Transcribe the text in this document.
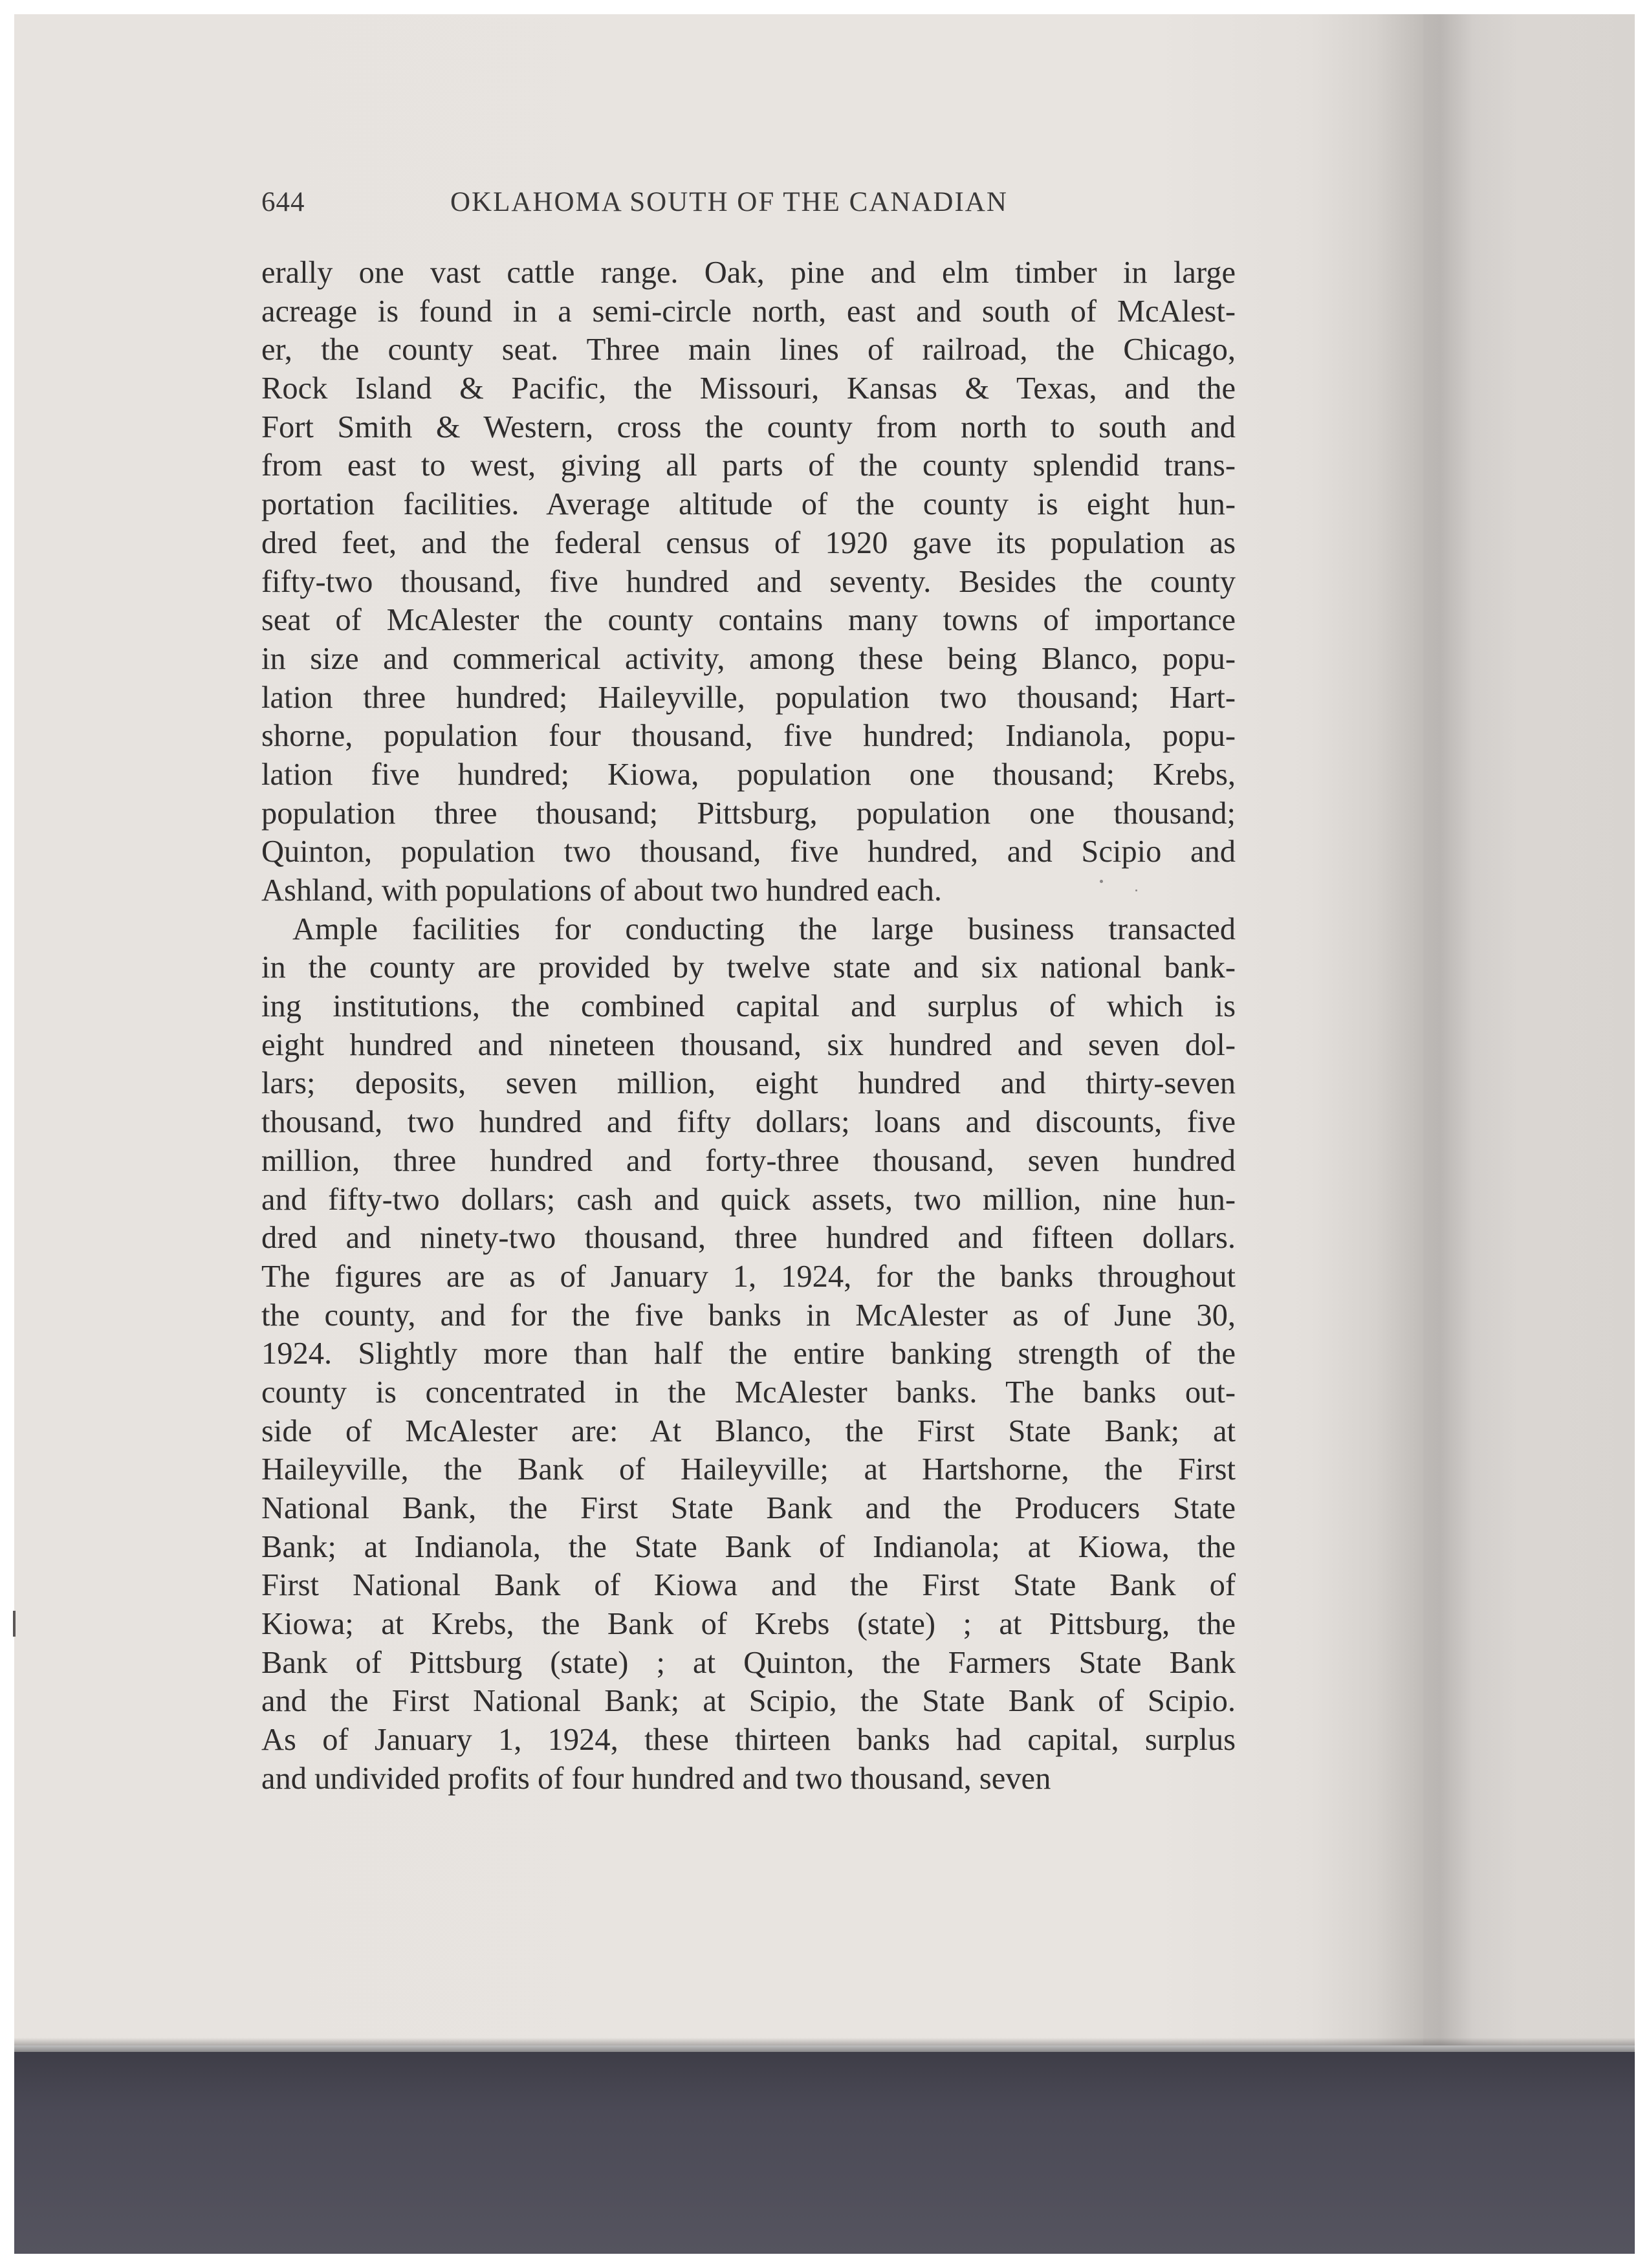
644	OKLAHOMA SOUTH OF THE CANADIAN
erally one vast cattle range. Oak, pine and elm timber in large
acreage is found in a semi-circle north, east and south of McAlest-
er, the county seat. Three main lines of railroad, the Chicago,
Rock Island & Pacific, the Missouri, Kansas & Texas, and the
Fort Smith & Western, cross the county from north to south and
from east to west, giving all parts of the county splendid trans-
portation facilities. Average altitude of the county is eight hun-
dred feet, and the federal census of 1920 gave its population as
fifty-two thousand, five hundred and seventy. Besides the county
seat of McAlester the county contains many towns of importance
in size and commerical activity, among these being Blanco, popu-
lation three hundred; Haileyville, population two thousand; Hart-
shorne, population four thousand, five hundred; Indianola, popu-
lation five hundred; Kiowa, population one thousand; Krebs,
population three thousand; Pittsburg, population one thousand;
Quinton, population two thousand, five hundred, and Scipio and
Ashland, with populations of about two hundred each.
Ample facilities for conducting the large business transacted
in the county are provided by twelve state and six national bank-
ing institutions, the combined capital and surplus of which is
eight hundred and nineteen thousand, six hundred and seven dol-
lars; deposits, seven million, eight hundred and thirty-seven
thousand, two hundred and fifty dollars; loans and discounts, five
million, three hundred and forty-three thousand, seven hundred
and fifty-two dollars; cash and quick assets, two million, nine hun-
dred and ninety-two thousand, three hundred and fifteen dollars.
The figures are as of January 1, 1924, for the banks throughout
the county, and for the five banks in McAlester as of June 30,
1924. Slightly more than half the entire banking strength of the
county is concentrated in the McAlester banks. The banks out-
side of McAlester are: At Blanco, the First State Bank; at
Haileyville, the Bank of Haileyville; at Hartshorne, the First
National Bank, the First State Bank and the Producers State
Bank; at Indianola, the State Bank of Indianola; at Kiowa, the
First National Bank of Kiowa and the First State Bank of
Kiowa; at Krebs, the Bank of Krebs (state) ; at Pittsburg, the
Bank of Pittsburg (state) ; at Quinton, the Farmers State Bank
and the First National Bank; at Scipio, the State Bank of Scipio.
As of January 1, 1924, these thirteen banks had capital, surplus
and undivided profits of four hundred and two thousand, seven
